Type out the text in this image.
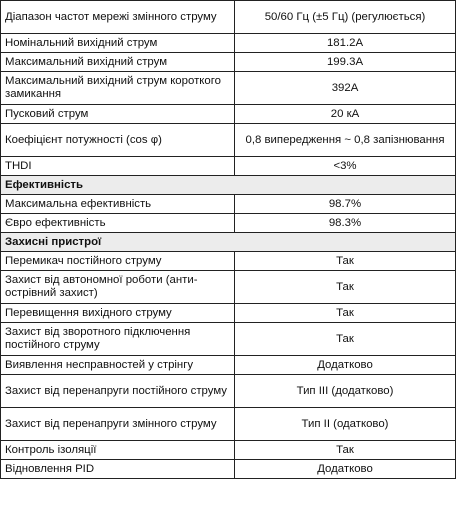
Діапазон частот мережі змінного струму	50/60 Гц (±5 Гц) (регулюється)
Номінальний вихідний струм	181.2A
Максимальний вихідний струм	199.3A
Максимальний вихідний струм короткого замикання	392A
Пусковий струм	20 кА
Коефіцієнт потужності (cos φ)	0,8 випередження ~ 0,8 запізнювання
THDI	<3%
Ефективність	
Максимальна ефективність	98.7%
Євро ефективність	98.3%
Захисні пристрої	
Перемикач постійного струму	Так
Захист від автономної роботи (анти-острівний захист)	Так
Перевищення вихідного струму	Так
Захист від зворотного підключення постійного струму	Так
Виявлення несправностей у стрінгу	Додатково
Захист від перенапруги постійного струму	Тип III (додатково)
Захист від перенапруги змінного струму	Тип II (одатково)
Контроль ізоляції	Так
Відновлення PID	Додатково
